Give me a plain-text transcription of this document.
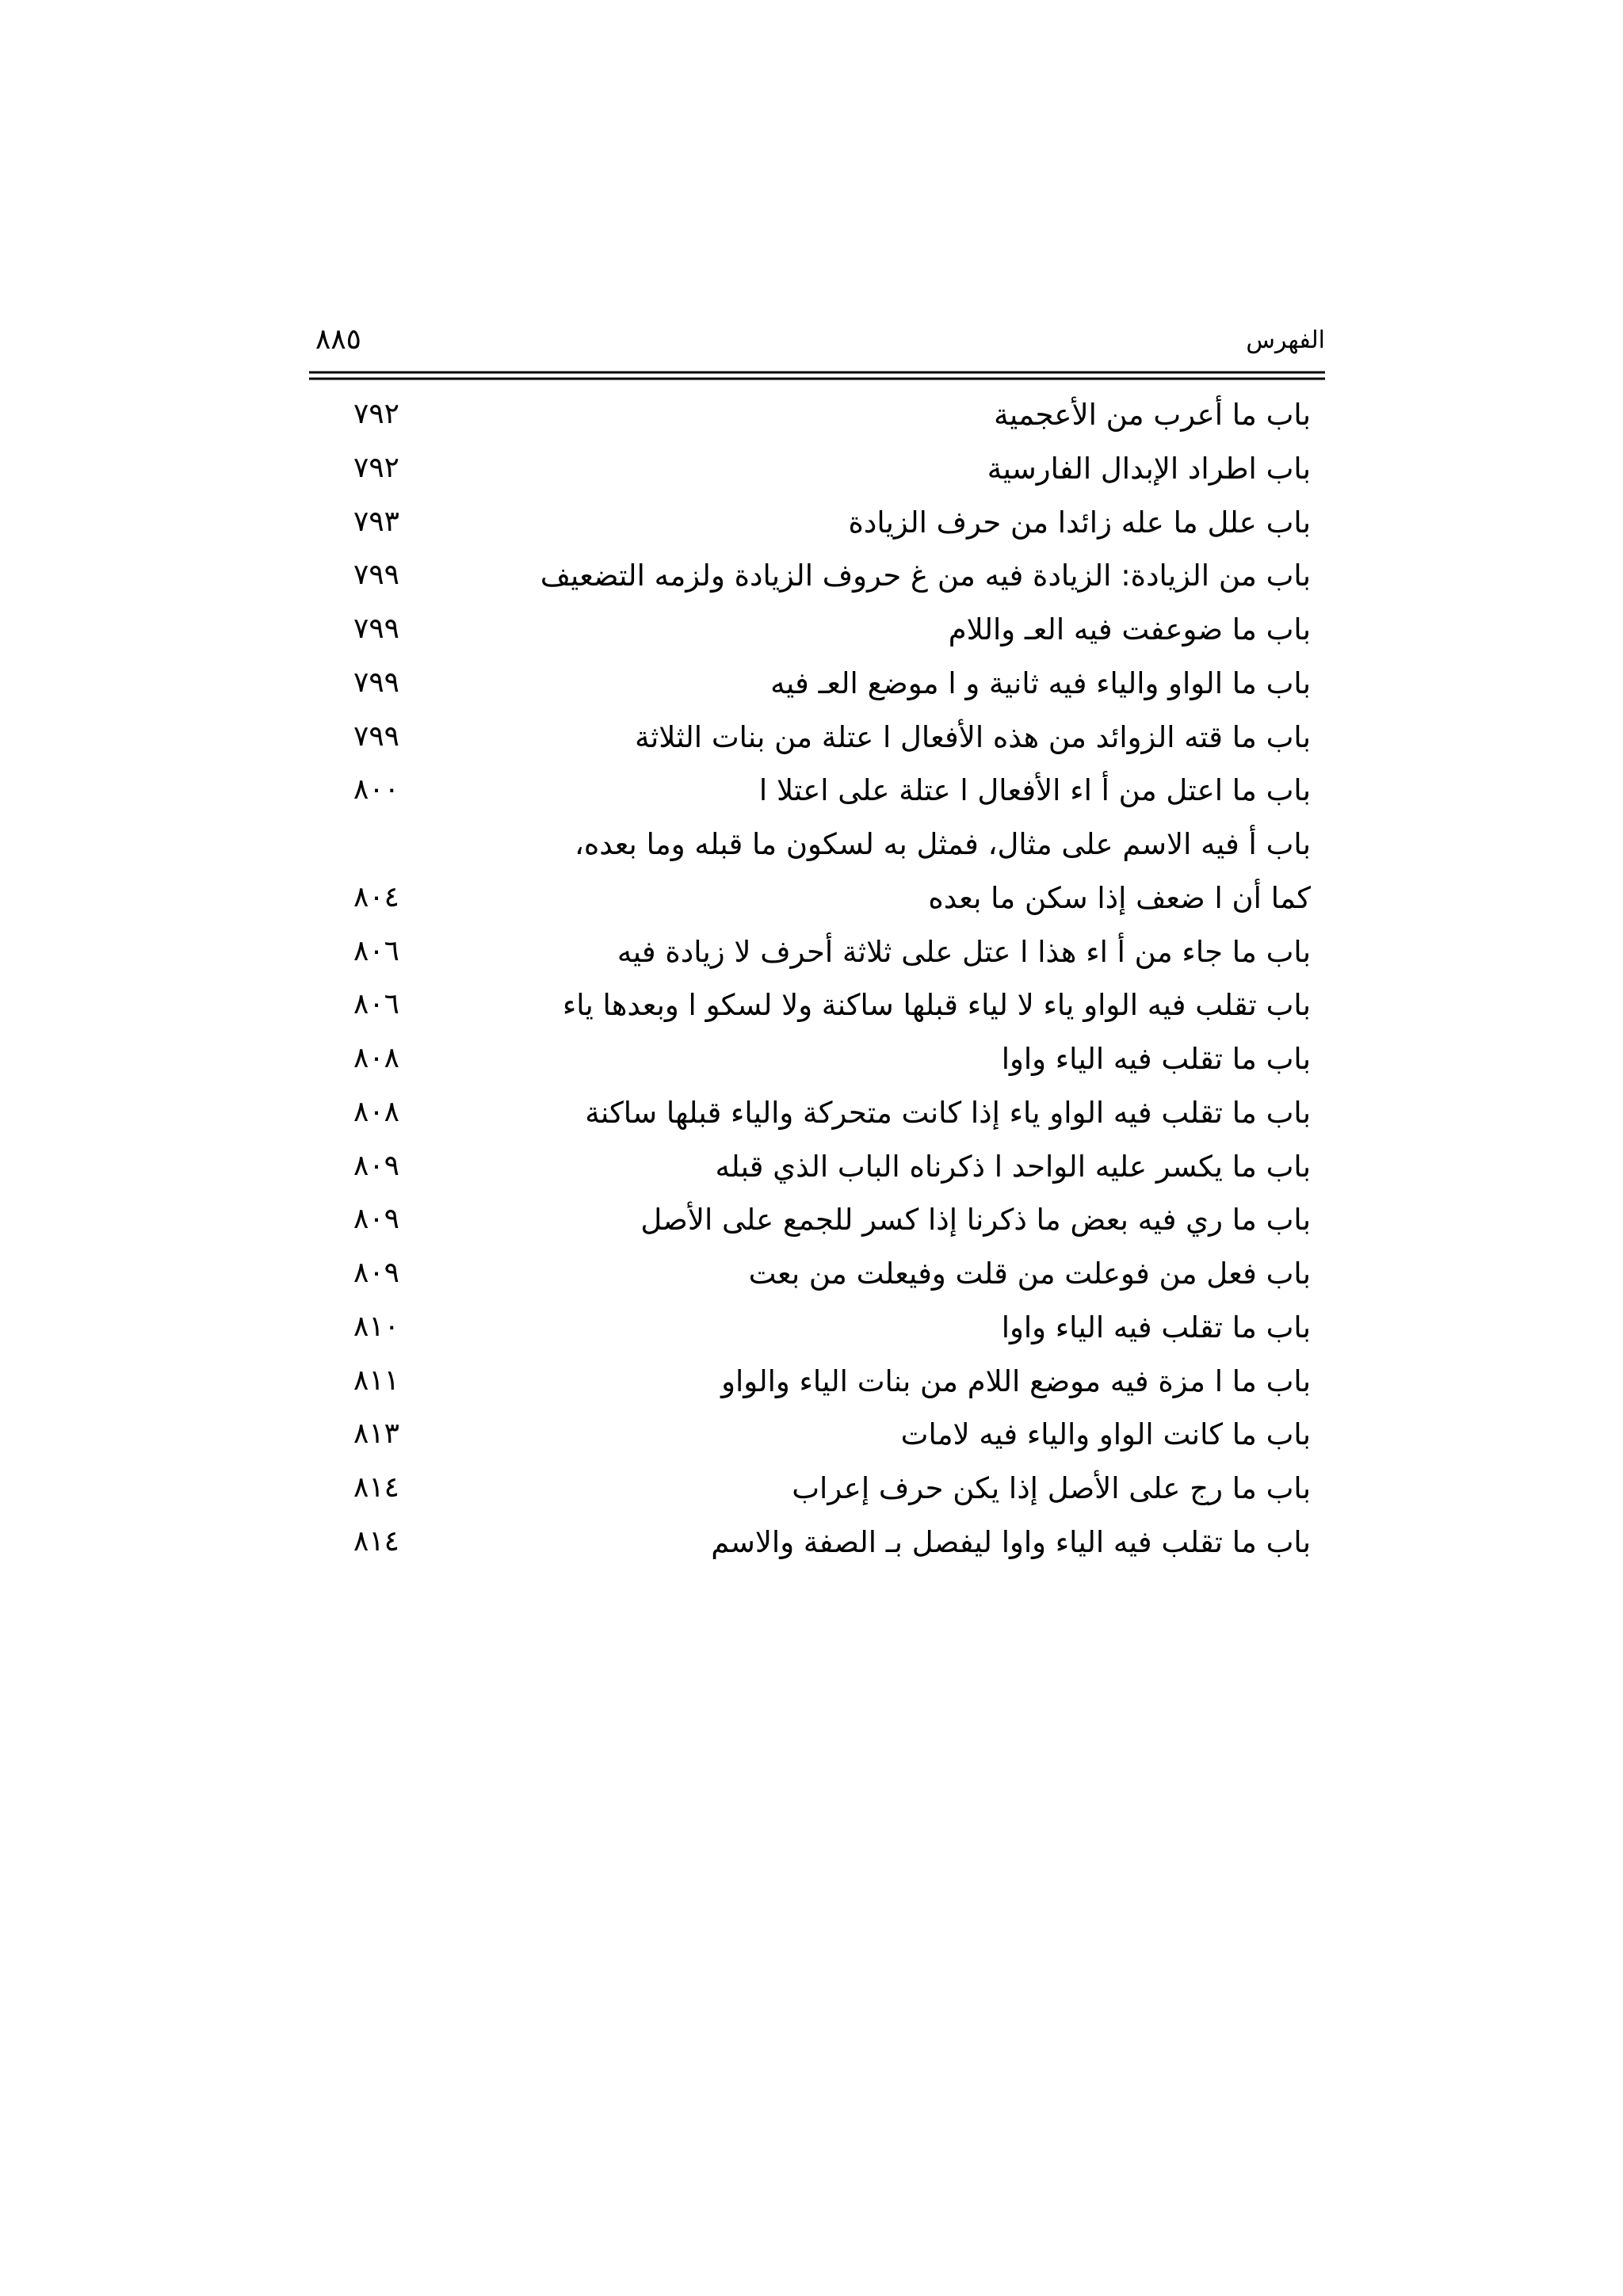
الفهرس
٨٨٥
باب ما أعرب من الأعجمية
٧٩٢
باب اطراد الإبدال الفارسية
٧٩٢
باب علل ما عله زائدا من حرف الزيادة
٧٩٣
باب من الزيادة: الزيادة فيه من غ حروف الزيادة ولزمه التضعيف
٧٩٩
باب ما ضوعفت فيه العـ واللام
٧٩٩
باب ما الواو والياء فيه ثانية و ا موضع العـ فيه
٧٩٩
باب ما قته الزوائد من هذه الأفعال ا عتلة من بنات الثلاثة
٧٩٩
باب ما اعتل من أ اء الأفعال ا عتلة على اعتلا ا
٨٠٠
باب أ فيه الاسم على مثال، فمثل به لسكون ما قبله وما بعده،
كما أن ا ضعف إذا سكن ما بعده
٨٠٤
باب ما جاء من أ اء هذا ا عتل على ثلاثة أحرف لا زيادة فيه
٨٠٦
باب تقلب فيه الواو ياء لا لياء قبلها ساكنة ولا لسكو ا وبعدها ياء
٨٠٦
باب ما تقلب فيه الياء واوا
٨٠٨
باب ما تقلب فيه الواو ياء إذا كانت متحركة والياء قبلها ساكنة
٨٠٨
باب ما يكسر عليه الواحد ا ذكرناه الباب الذي قبله
٨٠٩
باب ما ري فيه بعض ما ذكرنا إذا كسر للجمع على الأصل
٨٠٩
باب فعل من فوعلت من قلت وفيعلت من بعت
٨٠٩
باب ما تقلب فيه الياء واوا
٨١٠
باب ما ا مزة فيه موضع اللام من بنات الياء والواو
٨١١
باب ما كانت الواو والياء فيه لامات
٨١٣
باب ما رج على الأصل إذا يكن حرف إعراب
٨١٤
باب ما تقلب فيه الياء واوا ليفصل بـ الصفة والاسم
٨١٤
